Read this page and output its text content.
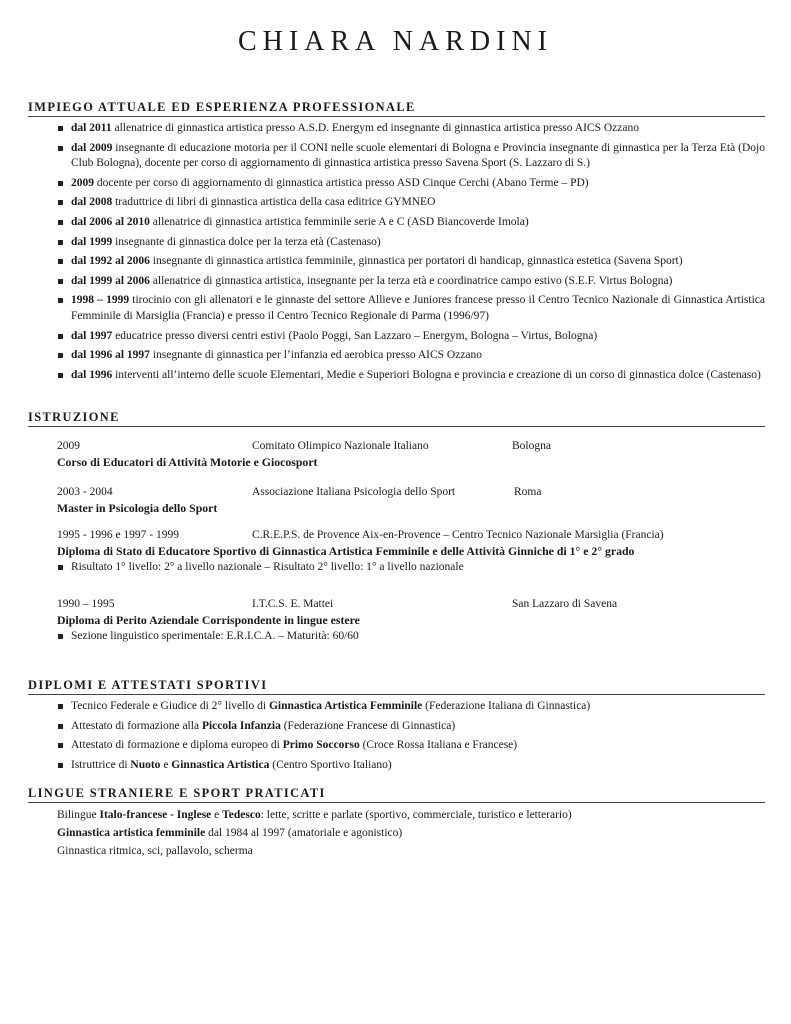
CHIARA NARDINI
IMPIEGO ATTUALE ED ESPERIENZA PROFESSIONALE
dal 2011 allenatrice di ginnastica artistica presso A.S.D. Energym ed insegnante di ginnastica artistica presso AICS Ozzano
dal 2009 insegnante di educazione motoria per il CONI nelle scuole elementari di Bologna e Provincia insegnante di ginnastica per la Terza Età (Dojo Club Bologna), docente per corso di aggiornamento di ginnastica artistica presso Savena Sport (S. Lazzaro di S.)
2009 docente per corso di aggiornamento di ginnastica artistica presso ASD Cinque Cerchi (Abano Terme – PD)
dal 2008 traduttrice di libri di ginnastica artistica della casa editrice GYMNEO
dal 2006 al 2010 allenatrice di ginnastica artistica femminile serie A e C (ASD Biancoverde Imola)
dal 1999 insegnante di ginnastica dolce per la terza età (Castenaso)
dal 1992 al 2006 insegnante di ginnastica artistica femminile, ginnastica per portatori di handicap, ginnastica estetica (Savena Sport)
dal 1999 al 2006 allenatrice di ginnastica artistica, insegnante per la terza età e coordinatrice campo estivo (S.E.F. Virtus Bologna)
1998 – 1999 tirocinio con gli allenatori e le ginnaste del settore Allieve e Juniores francese presso il Centro Tecnico Nazionale di Ginnastica Artistica Femminile di Marsiglia (Francia) e presso il Centro Tecnico Regionale di Parma (1996/97)
dal 1997 educatrice presso diversi centri estivi (Paolo Poggi, San Lazzaro – Energym, Bologna – Virtus, Bologna)
dal 1996 al 1997 insegnante di ginnastica per l’infanzia ed aerobica presso AICS Ozzano
dal 1996 interventi all’interno delle scuole Elementari, Medie e Superiori Bologna e provincia e creazione di un corso di ginnastica dolce (Castenaso)
ISTRUZIONE
2009	Comitato Olimpico Nazionale Italiano	Bologna
Corso di Educatori di Attività Motorie e Giocosport
2003 - 2004	Associazione Italiana Psicologia dello Sport	Roma
Master in Psicologia dello Sport
1995 - 1996 e 1997 - 1999	C.R.E.P.S. de Provence Aix-en-Provence – Centro Tecnico Nazionale Marsiglia (Francia)
Diploma di Stato di Educatore Sportivo di Ginnastica Artistica Femminile e delle Attività Ginniche di 1° e 2° grado
Risultato 1° livello: 2° a livello nazionale – Risultato 2° livello: 1° a livello nazionale
1990 – 1995	I.T.C.S. E. Mattei	San Lazzaro di Savena
Diploma di Perito Aziendale Corrispondente in lingue estere
Sezione linguistico sperimentale: E.R.I.C.A. – Maturità: 60/60
DIPLOMI E ATTESTATI SPORTIVI
Tecnico Federale e Giudice di 2° livello di Ginnastica Artistica Femminile (Federazione Italiana di Ginnastica)
Attestato di formazione alla Piccola Infanzia (Federazione Francese di Ginnastica)
Attestato di formazione e diploma europeo di Primo Soccorso (Croce Rossa Italiana e Francese)
Istruttrice di Nuoto e Ginnastica Artistica (Centro Sportivo Italiano)
LINGUE STRANIERE E SPORT PRATICATI
Bilingue Italo-francese - Inglese e Tedesco: lette, scritte e parlate (sportivo, commerciale, turistico e letterario)
Ginnastica artistica femminile dal 1984 al 1997 (amatoriale e agonistico)
Ginnastica ritmica, sci, pallavolo, scherma
